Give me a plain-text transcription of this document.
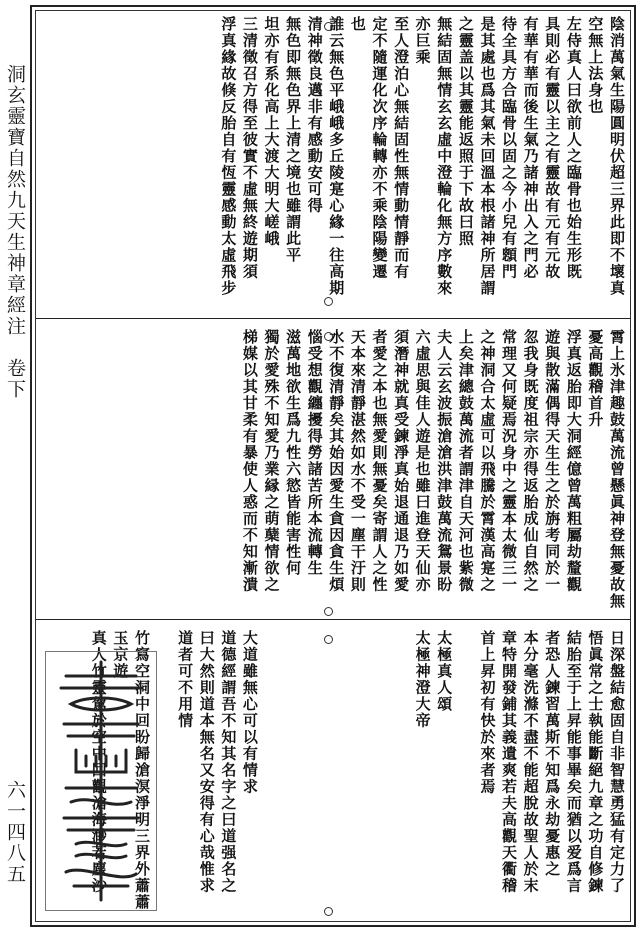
洞玄靈寶自然九天生神章經注　卷下
六一四八五
陰消萬氣生陽圓明伏超三界此即不壞真
空無上法身也
左侍真人曰欲前人之臨骨也始生形既
具則必有靈以主之有靈故有元有元故
有華有華而後生氣乃諸神出入之門必
待全具方合臨骨以固之今小兒有顖門
是其處也爲其氣未回溫本根諸神所居謂
之靈盖以其靈能返照于下故曰照
無結固無情玄玄虛中澄輪化無方序數來
亦巨乘
至人澄泊心無結固性無情動情靜而有
定不隨運化次序輪轉亦不乘陰陽變遷
也
誰云無色平峨峨多丘陵寔心緣一往高期
清神徵良邁非有感動安可得
無色即無色界上清之境也雖謂此平
坦亦有系化高上大渡大明大嵯峨
三清徵召方得至彼實不虛無終遊期須
浮真緣故倏反胎自有恆靈感動太虛飛步
霄上氷津趣鼓萬流曾懸眞神登無憂故無
憂高觀稽首升
浮真返胎即大洞經億曾萬粗屬劫釐觀
遊與散滿偶得天生生之於旃考同於一
忽我身既度祖宗亦得返胎成仙自然之
常理又何疑焉況身中之靈本太微三一
之神洞合太虛可以飛騰於霄漢高寔之
上矣津總鼓萬流者謂津自天河也紫微
夫人云玄波振滄滄洪津鼓萬流鴛景盼
六虛思與佳人遊是也雖曰進登天仙亦
須潛神就真受鍊淨真始退通退乃如愛
者愛之本也無愛則無憂矣寄謂人之性
天本來清靜湛然如水不受一塵干汙則
水不復清靜矣其始因愛生貪因貪生煩
惱受想觀纏擾得勞諸苦所本流轉生
滋萬地欲生爲九性六慾皆能害性何
獨於愛殊不知愛乃業縁之萌蘖情欲之
梯媒以其甘柔有暴使人惑而不知漸潰
日深盤結愈固自非智慧勇猛有定力了
悟眞常之士執能斷絕九章之功自修鍊
結胎至于上昇能事畢矣而猶以爱爲言
者恐人鍊習萬斯不知爲永劫憂惠之
本分毫洗滌不盡不能超脫故聖人於末
章特開發鋪其義遺爽若夫高觀天衢稽
首上昇初有快於來者焉
太極真人頌
太極神澄大帝
大道雖無心可以有情求
道德經謂吾不知其名字之曰道强名之
曰大然則道本無名又安得有心哉惟求
道者可不用情
竹寫空洞中回盼歸滄溟淨明三界外蕭蕭
玉京遊
真人竹靈駕於空中回觀滄海渺若塵沙
